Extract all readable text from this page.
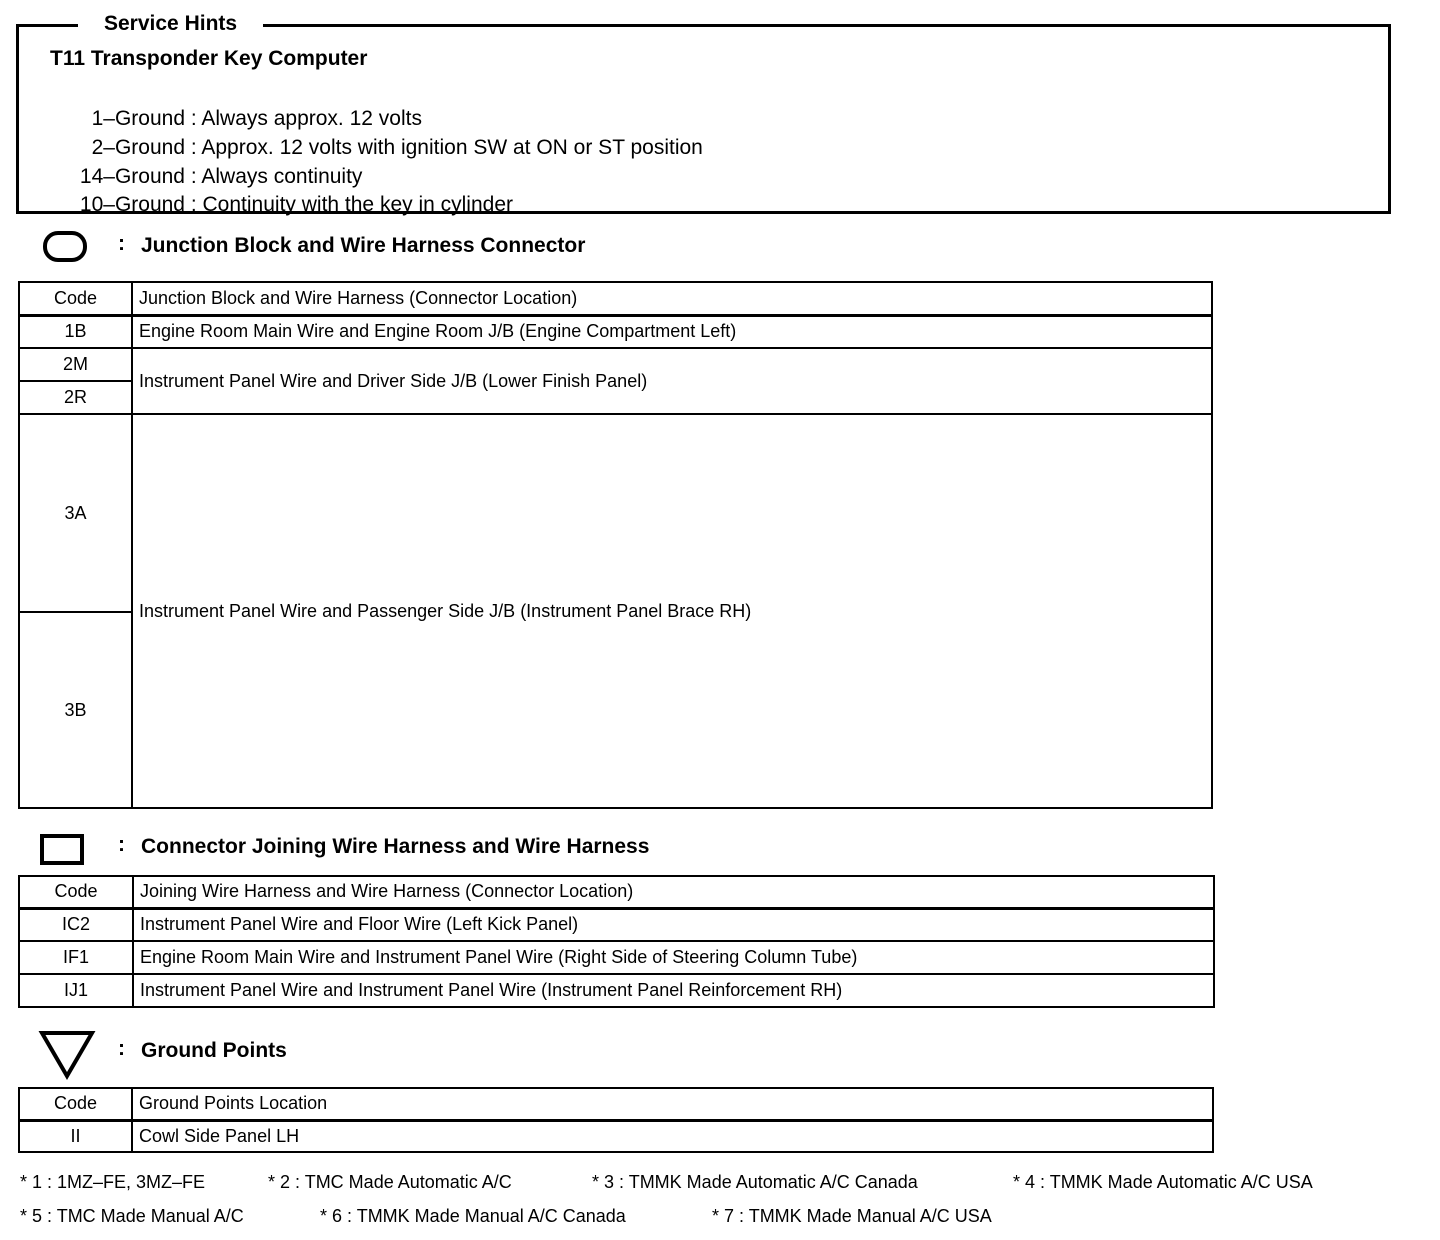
Service Hints
T11 Transponder Key Computer

1–Ground : Always approx. 12 volts

2–Ground : Approx. 12 volts with ignition SW at ON or ST position

14–Ground : Always continuity

10–Ground : Continuity with the key in cylinder

: Junction Block and Wire Harness Connector
Code	Junction Block and Wire Harness (Connector Location)
1B	Engine Room Main Wire and Engine Room J/B (Engine Compartment Left)
2M	Instrument Panel Wire and Driver Side J/B (Lower Finish Panel)
2R	
3A	Instrument Panel Wire and Passenger Side J/B (Instrument Panel Brace RH)
3B	
: Connector Joining Wire Harness and Wire Harness
Code	Joining Wire Harness and Wire Harness (Connector Location)
IC2	Instrument Panel Wire and Floor Wire (Left Kick Panel)
IF1	Engine Room Main Wire and Instrument Panel Wire (Right Side of Steering Column Tube)
IJ1	Instrument Panel Wire and Instrument Panel Wire (Instrument Panel Reinforcement RH)
: Ground Points
Code	Ground Points Location
II	Cowl Side Panel LH
* 1 : 1MZ–FE, 3MZ–FE	* 2 : TMC Made Automatic A/C	* 3 : TMMK Made Automatic A/C Canada	* 4 : TMMK Made Automatic A/C USA
* 5 : TMC Made Manual A/C	* 6 : TMMK Made Manual A/C Canada	* 7 : TMMK Made Manual A/C USA
